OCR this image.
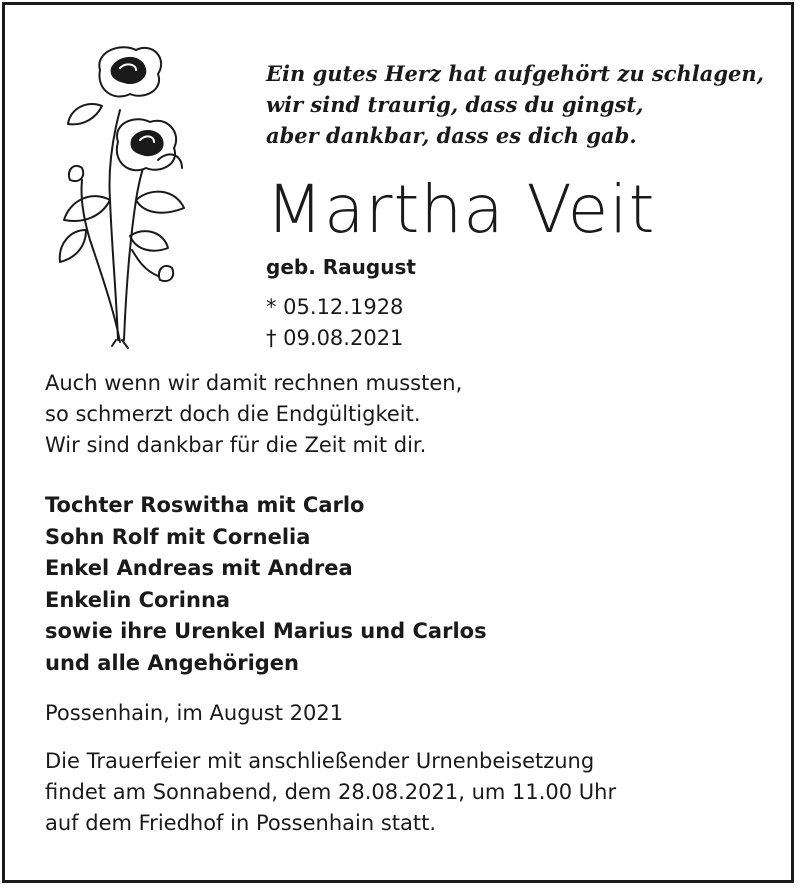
Ein gutes Herz hat aufgehört zu schlagen,
wir sind traurig, dass du gingst,
aber dankbar, dass es dich gab.
Martha Veit
geb. Raugust
* 05.12.1928
† 09.08.2021
Auch wenn wir damit rechnen mussten,
so schmerzt doch die Endgültigkeit.
Wir sind dankbar für die Zeit mit dir.
Tochter Roswitha mit Carlo
Sohn Rolf mit Cornelia
Enkel Andreas mit Andrea
Enkelin Corinna
sowie ihre Urenkel Marius und Carlos
und alle Angehörigen
Possenhain, im August 2021
Die Trauerfeier mit anschließender Urnenbeisetzung
findet am Sonnabend, dem 28.08.2021, um 11.00 Uhr
auf dem Friedhof in Possenhain statt.
